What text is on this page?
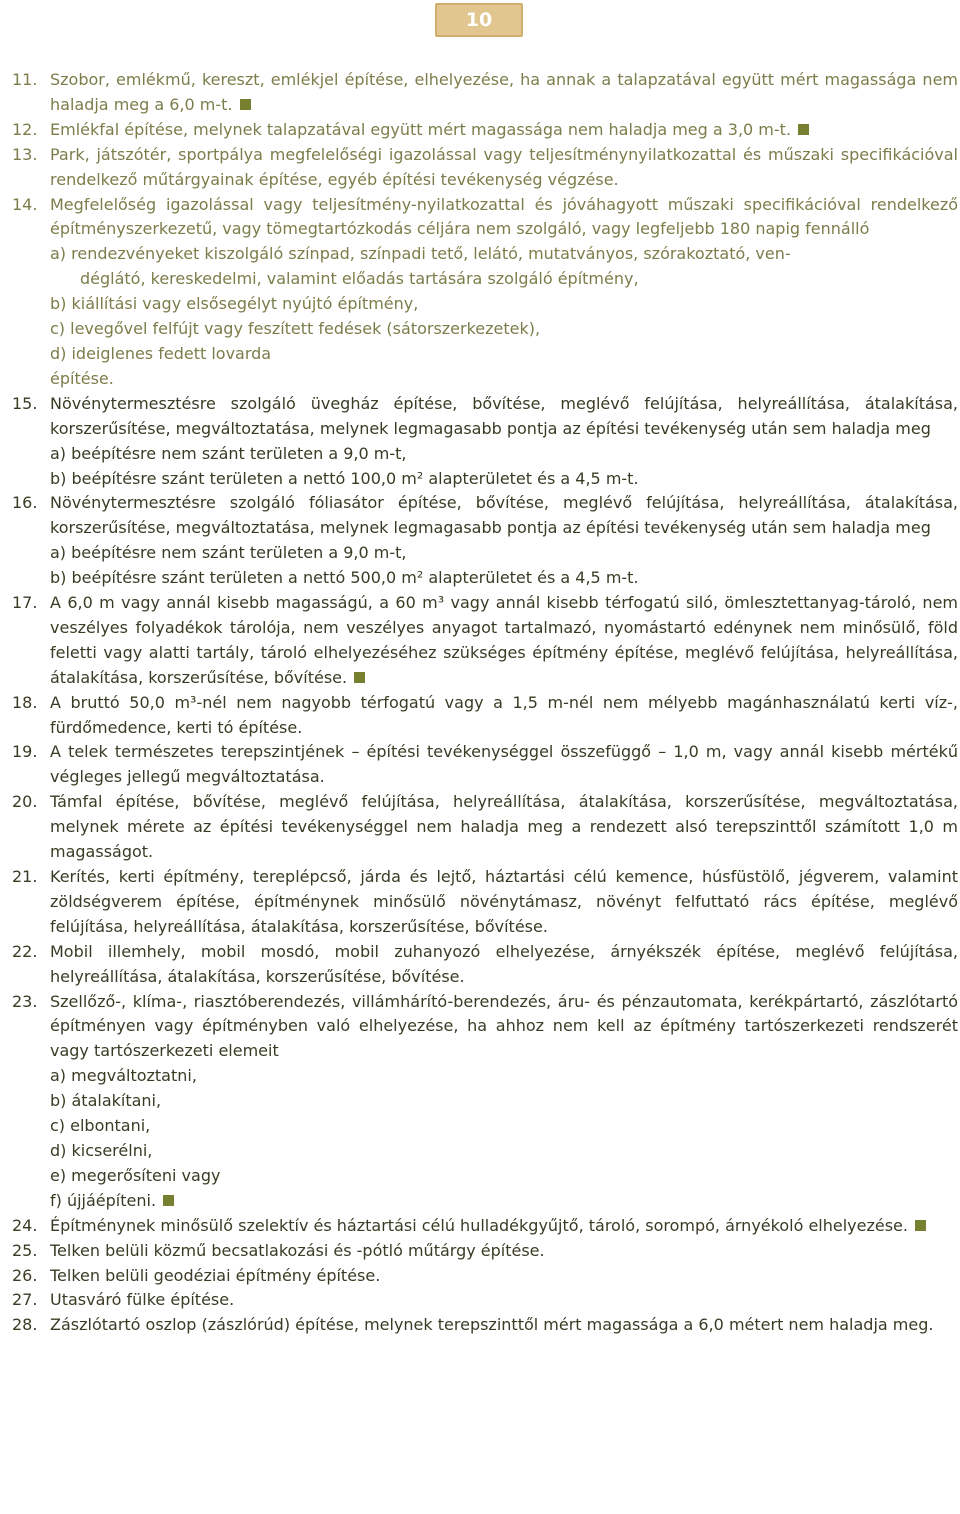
10
11. Szobor, emlékmű, kereszt, emlékjel építése, elhelyezése, ha annak a talapzatával együtt mért magassága nem haladja meg a 6,0 m-t.
12. Emlékfal építése, melynek talapzatával együtt mért magassága nem haladja meg a 3,0 m-t.
13. Park, játszótér, sportpálya megfelelőségi igazolással vagy teljesítménynyilatkozattal és műszaki specifikációval rendelkező műtárgyainak építése, egyéb építési tevékenység végzése.
14. Megfelelőség igazolással vagy teljesítmény-nyilatkozattal és jóváhagyott műszaki specifikációval rendelkező építményszerkezetű, vagy tömegtartózkodás céljára nem szolgáló, vagy legfeljebb 180 napig fennálló
a) rendezvényeket kiszolgáló színpad, színpadi tető, lelátó, mutatványos, szórakoztató, ven-
déglátó, kereskedelmi, valamint előadás tartására szolgáló építmény,
b) kiállítási vagy elsősegélyt nyújtó építmény,
c) levegővel felfújt vagy feszített fedések (sátorszerkezetek),
d) ideiglenes fedett lovarda
építése.
15. Növénytermesztésre szolgáló üvegház építése, bővítése, meglévő felújítása, helyreállítása, átalakítása, korszerűsítése, megváltoztatása, melynek legmagasabb pontja az építési tevékenység után sem haladja meg
a) beépítésre nem szánt területen a 9,0 m-t,
b) beépítésre szánt területen a nettó 100,0 m² alapterületet és a 4,5 m-t.
16. Növénytermesztésre szolgáló fóliasátor építése, bővítése, meglévő felújítása, helyreállítása, átalakítása, korszerűsítése, megváltoztatása, melynek legmagasabb pontja az építési tevékenység után sem haladja meg
a) beépítésre nem szánt területen a 9,0 m-t,
b) beépítésre szánt területen a nettó 500,0 m² alapterületet és a 4,5 m-t.
17. A 6,0 m vagy annál kisebb magasságú, a 60 m³ vagy annál kisebb térfogatú siló, ömlesztettanyag-tároló, nem veszélyes folyadékok tárolója, nem veszélyes anyagot tartalmazó, nyomástartó edénynek nem minősülő, föld feletti vagy alatti tartály, tároló elhelyezéséhez szükséges építmény építése, meglévő felújítása, helyreállítása, átalakítása, korszerűsítése, bővítése.
18. A bruttó 50,0 m³-nél nem nagyobb térfogatú vagy a 1,5 m-nél nem mélyebb magánhasználatú kerti víz-, fürdőmedence, kerti tó építése.
19. A telek természetes terepszintjének – építési tevékenységgel összefüggő – 1,0 m, vagy annál kisebb mértékű végleges jellegű megváltoztatása.
20. Támfal építése, bővítése, meglévő felújítása, helyreállítása, átalakítása, korszerűsítése, megváltoztatása, melynek mérete az építési tevékenységgel nem haladja meg a rendezett alsó terepszinttől számított 1,0 m magasságot.
21. Kerítés, kerti építmény, tereplépcső, járda és lejtő, háztartási célú kemence, húsfüstölő, jégverem, valamint zöldségverem építése, építménynek minősülő növénytámasz, növényt felfuttató rács építése, meglévő felújítása, helyreállítása, átalakítása, korszerűsítése, bővítése.
22. Mobil illemhely, mobil mosdó, mobil zuhanyozó elhelyezése, árnyékszék építése, meglévő felújítása, helyreállítása, átalakítása, korszerűsítése, bővítése.
23. Szellőző-, klíma-, riasztóberendezés, villámhárító-berendezés, áru- és pénzautomata, kerékpártartó, zászlótartó építményen vagy építményben való elhelyezése, ha ahhoz nem kell az építmény tartószerkezeti rendszerét vagy tartószerkezeti elemeit
a) megváltoztatni,
b) átalakítani,
c) elbontani,
d) kicserélni,
e) megerősíteni vagy
f) újjáépíteni.
24. Építménynek minősülő szelektív és háztartási célú hulladékgyűjtő, tároló, sorompó, árnyékoló elhelyezése.
25. Telken belüli közmű becsatlakozási és -pótló műtárgy építése.
26. Telken belüli geodéziai építmény építése.
27. Utasváró fülke építése.
28. Zászlótartó oszlop (zászlórúd) építése, melynek terepszinttől mért magassága a 6,0 métert nem haladja meg.
